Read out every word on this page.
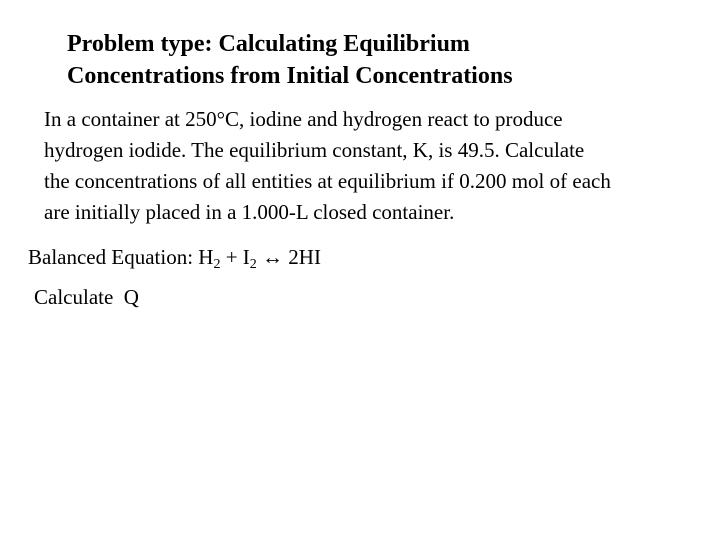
Problem type: Calculating Equilibrium
Concentrations from Initial Concentrations
In a container at 250°C, iodine and hydrogen react to produce
hydrogen iodide. The equilibrium constant, K, is 49.5. Calculate
the concentrations of all entities at equilibrium if 0.200 mol of each
are initially placed in a 1.000-L closed container.
Balanced Equation: $H_2 + I_2$ ↔ 2HI
Calculate  Q
